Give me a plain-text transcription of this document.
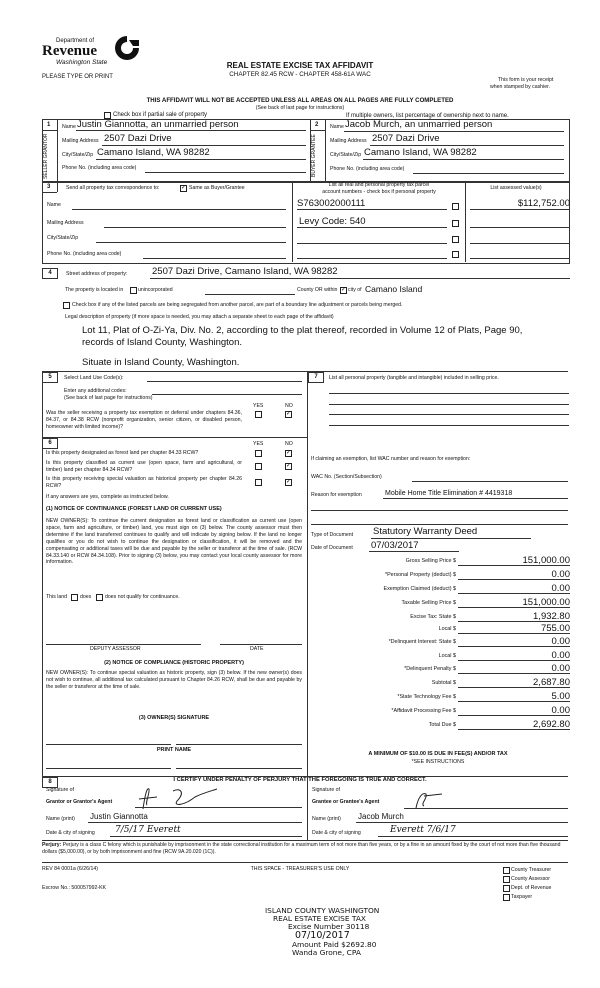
Department of
Revenue
Washington State
PLEASE TYPE OR PRINT
REAL ESTATE EXCISE TAX AFFIDAVIT
CHAPTER 82.45 RCW - CHAPTER 458-61A WAC
This form is your receipt
when stamped by cashier.
THIS AFFIDAVIT WILL NOT BE ACCEPTED UNLESS ALL AREAS ON ALL PAGES ARE FULLY COMPLETED
(See back of last page for instructions)
Check box if partial sale of property	If multiple owners, list percentage of ownership next to name.
1	2
SELLER GRANTOR	BUYER GRANTEE
Name Justin Giannotta, an unmarried person
Mailing Address 2507 Dazi Drive
City/State/Zip Camano Island, WA 98282
Phone No. (including area code)
Name Jacob Murch, an unmarried person
Mailing Address 2507 Dazi Drive
City/State/Zip Camano Island, WA 98282
Phone No. (including area code)
3	Send all property tax correspondence to:	✓ Same as Buyer/Grantee	List all real and personal property tax parcel
account numbers - check box if personal property
List assessed value(s)
Name
Mailing Address
City/State/Zip
Phone No. (including area code)
S763002000111
Levy Code: 540
$112,752.00
4	Street address of property:	2507 Dazi Drive, Camano Island, WA 98282
The property is located in	unincorporated	County OR within ✓ city of Camano Island
Check box if any of the listed parcels are being segregated from another parcel, are part of a boundary line adjustment or parcels being merged.
Legal description of property (if more space is needed, you may attach a separate sheet to each page of the affidavit)
Lot 11, Plat of O-Zi-Ya, Div. No. 2, according to the plat thereof, recorded in Volume 12 of Plats, Page 90,
records of Island County, Washington.
Situate in Island County, Washington.
5	Select Land Use Code(s):
Enter any additional codes:
(See back of last page for instructions)
YES	NO
Was the seller receiving a property tax exemption or deferral under chapters 84.36, 84.37, or 84.38 RCW (nonprofit organization, senior citizen, or disabled person, homeowner with limited income)?
✓
6	YES	NO
Is this property designated as forest land per chapter 84.33 RCW?	✓
Is this property classified as current use (open space, farm and agricultural, or timber) land per chapter 84.34 RCW?
✓
Is this property receiving special valuation as historical property per chapter 84.26 RCW?
✓
If any answers are yes, complete as instructed below.
(1) NOTICE OF CONTINUANCE (FOREST LAND OR CURRENT USE)
NEW OWNER(S): To continue the current designation as forest land or classification as current use (open space, farm and agriculture, or timber) land, you must sign on (3) below. The county assessor must then determine if the land transferred continues to qualify and will indicate by signing below. If the land no longer qualifies or you do not wish to continue the designation or classification, it will be removed and the compensating or additional taxes will be due and payable by the seller or transferor at the time of sale. (RCW 84.33.140 or RCW 84.34.108). Prior to signing (3) below, you may contact your local county assessor for more information.
This land does	does not qualify for continuance.
DEPUTY ASSESSOR	DATE
(2) NOTICE OF COMPLIANCE (HISTORIC PROPERTY)
NEW OWNER(S): To continue special valuation as historic property, sign (3) below. If the new owner(s) does not wish to continue, all additional tax calculated pursuant to Chapter 84.26 RCW, shall be due and payable by the seller or transferor at the time of sale.
(3) OWNER(S) SIGNATURE
PRINT NAME
7	List all personal property (tangible and intangible) included in selling price.
If claiming an exemption, list WAC number and reason for exemption:
WAC No. (Section/Subsection)
Reason for exemption	Mobile Home Title Elimination # 4419318
Type of Document Statutory Warranty Deed
Date of Document 07/03/2017
Gross Selling Price $	151,000.00
*Personal Property (deduct) $	0.00
Exemption Claimed (deduct) $	0.00
Taxable Selling Price $	151,000.00
Excise Tax: State $	1,932.80
Local $	755.00
*Delinquent Interest: State $	0.00
Local $	0.00
*Delinquent Penalty $	0.00
Subtotal $	2,687.80
*State Technology Fee $	5.00
*Affidavit Processing Fee $	0.00
Total Due $	2,692.80
A MINIMUM OF $10.00 IS DUE IN FEE(S) AND/OR TAX
*SEE INSTRUCTIONS
8	I CERTIFY UNDER PENALTY OF PERJURY THAT THE FOREGOING IS TRUE AND CORRECT.
Signature of
Grantor or Grantor's Agent
Name (print) Justin Giannotta
Date & city of signing 7/5/17 Everett
Signature of
Grantee or Grantee's Agent
Name (print) Jacob Murch
Date & city of signing	Everett 7/6/17
Perjury: Perjury is a class C felony which is punishable by imprisonment in the state correctional institution for a maximum term of not more than five years, or by a fine in an amount fixed by the court of not more than five thousand dollars ($5,000.00), or by both imprisonment and fine (RCW 9A.20.020 (1C)).
REV 84 0001a (6/26/14)	THIS SPACE - TREASURER'S USE ONLY
Escrow No.: 500057992-KK
County Treasurer
County Assessor
Dept. of Revenue
Taxpayer
ISLAND COUNTY WASHINGTON
REAL ESTATE EXCISE TAX
Excise Number 30118
07/10/2017
Amount Paid $2692.80
Wanda Grone, CPA
